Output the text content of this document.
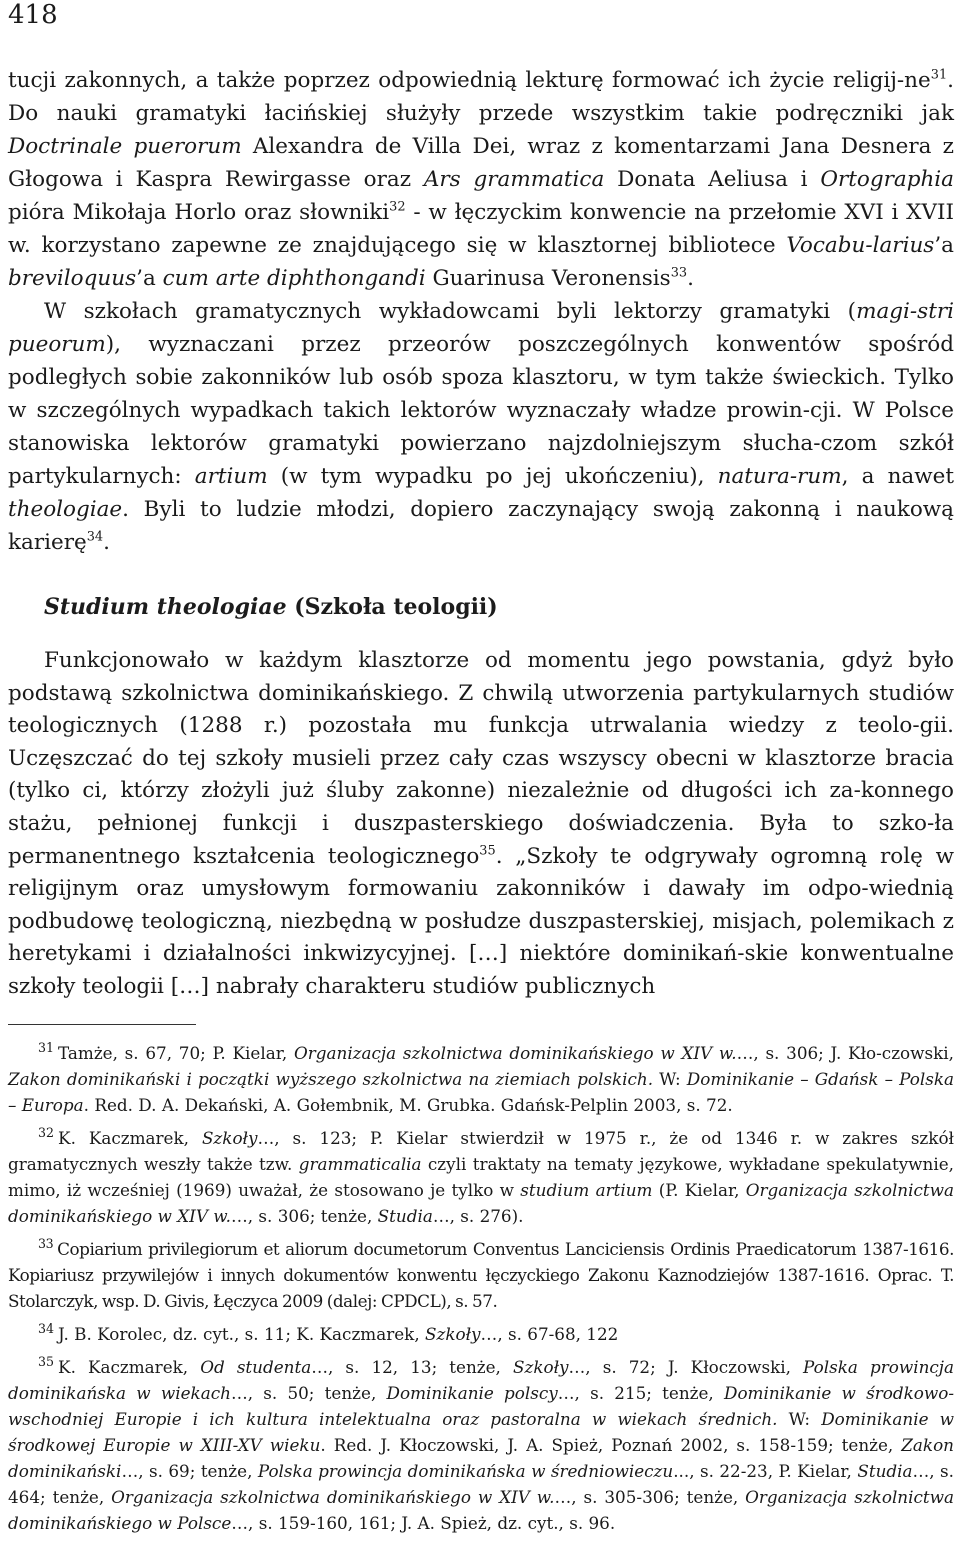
418

tucji zakonnych, a także poprzez odpowiednią lekturę formować ich życie religij-$ne^{31}$. Do nauki gramatyki łacińskiej służyły przede wszystkim takie podręczniki jak Doctrinale puerorum Alexandra de Villa Dei, wraz z komentarzami Jana Desnera z Głogowa i Kaspra Rewirgasse oraz Ars grammatica Donata Aeliusa i Ortographia pióra Mikołaja Horlo oraz słowniki$^{32}$ - w łęczyckim konwencie na przełomie XVI i XVII w. korzystano zapewne ze znajdującego się w klasztornej bibliotece Vocabu-larius’a breviloquus’a cum arte diphthongandi Guarinusa Veronensis$^{33}$.

W szkołach gramatycznych wykładowcami byli lektorzy gramatyki (magi-stri pueorum), wyznaczani przez przeorów poszczególnych konwentów spośród podległych sobie zakonników lub osób spoza klasztoru, w tym także świeckich. Tylko w szczególnych wypadkach takich lektorów wyznaczały władze prowin-cji. W Polsce stanowiska lektorów gramatyki powierzano najzdolniejszym słucha-czom szkół partykularnych: artium (w tym wypadku po jej ukończeniu), natura-rum, a nawet theologiae. Byli to ludzie młodzi, dopiero zaczynający swoją zakonną i naukową karierę$^{34}$.

Studium theologiae (Szkoła teologii)

Funkcjonowało w każdym klasztorze od momentu jego powstania, gdyż było podstawą szkolnictwa dominikańskiego. Z chwilą utworzenia partykularnych studiów teologicznych (1288 r.) pozostała mu funkcja utrwalania wiedzy z teolo-gii. Uczęszczać do tej szkoły musieli przez cały czas wszyscy obecni w klasztorze bracia (tylko ci, którzy złożyli już śluby zakonne) niezależnie od długości ich za-konnego stażu, pełnionej funkcji i duszpasterskiego doświadczenia. Była to szko-ła permanentnego kształcenia teologicznego$^{35}$. „Szkoły te odgrywały ogromną rolę w religijnym oraz umysłowym formowaniu zakonników i dawały im odpo-wiednią podbudowę teologiczną, niezbędną w posłudze duszpasterskiej, misjach, polemikach z heretykami i działalności inkwizycyjnej. […] niektóre dominikań-skie konwentualne szkoły teologii […] nabrały charakteru studiów publicznych

$^{31}$ Tamże, s. 67, 70; P. Kielar, Organizacja szkolnictwa dominikańskiego w XIV w.…, s. 306; J. Kło-czowski, Zakon dominikański i początki wyższego szkolnictwa na ziemiach polskich. W: Dominikanie – Gdańsk – Polska – Europa. Red. D. A. Dekański, A. Gołembnik, M. Grubka. Gdańsk-Pelplin 2003, s. 72.

$^{32}$ K. Kaczmarek, Szkoły…, s. 123; P. Kielar stwierdził w 1975 r., że od 1346 r. w zakres szkół gramatycznych weszły także tzw. grammaticalia czyli traktaty na tematy językowe, wykładane spekulatywnie, mimo, iż wcześniej (1969) uważał, że stosowano je tylko w studium artium (P. Kielar, Organizacja szkolnictwa dominikańskiego w XIV w.…, s. 306; tenże, Studia…, s. 276).

$^{33}$ Copiarium privilegiorum et aliorum documetorum Conventus Lanciciensis Ordinis Praedicatorum 1387-1616. Kopiariusz przywilejów i innych dokumentów konwentu łęczyckiego Zakonu Kaznodziejów 1387-1616. Oprac. T. Stolarczyk, wsp. D. Givis, Łęczyca 2009 (dalej: CPDCL), s. 57.

$^{34}$ J. B. Korolec, dz. cyt., s. 11; K. Kaczmarek, Szkoły…, s. 67-68, 122

$^{35}$ K. Kaczmarek, Od studenta…, s. 12, 13; tenże, Szkoły…, s. 72; J. Kłoczowski, Polska prowincja dominikańska w wiekach…, s. 50; tenże, Dominikanie polscy…, s. 215; tenże, Dominikanie w środkowo-wschodniej Europie i ich kultura intelektualna oraz pastoralna w wiekach średnich. W: Dominikanie w środkowej Europie w XIII-XV wieku. Red. J. Kłoczowski, J. A. Spież, Poznań 2002, s. 158-159; tenże, Zakon dominikański…, s. 69; tenże, Polska prowincja dominikańska w średniowieczu..., s. 22-23, P. Kielar, Studia…, s. 464; tenże, Organizacja szkolnictwa dominikańskiego w XIV w.…, s. 305-306; tenże, Organizacja szkolnictwa dominikańskiego w Polsce…, s. 159-160, 161; J. A. Spież, dz. cyt., s. 96.
